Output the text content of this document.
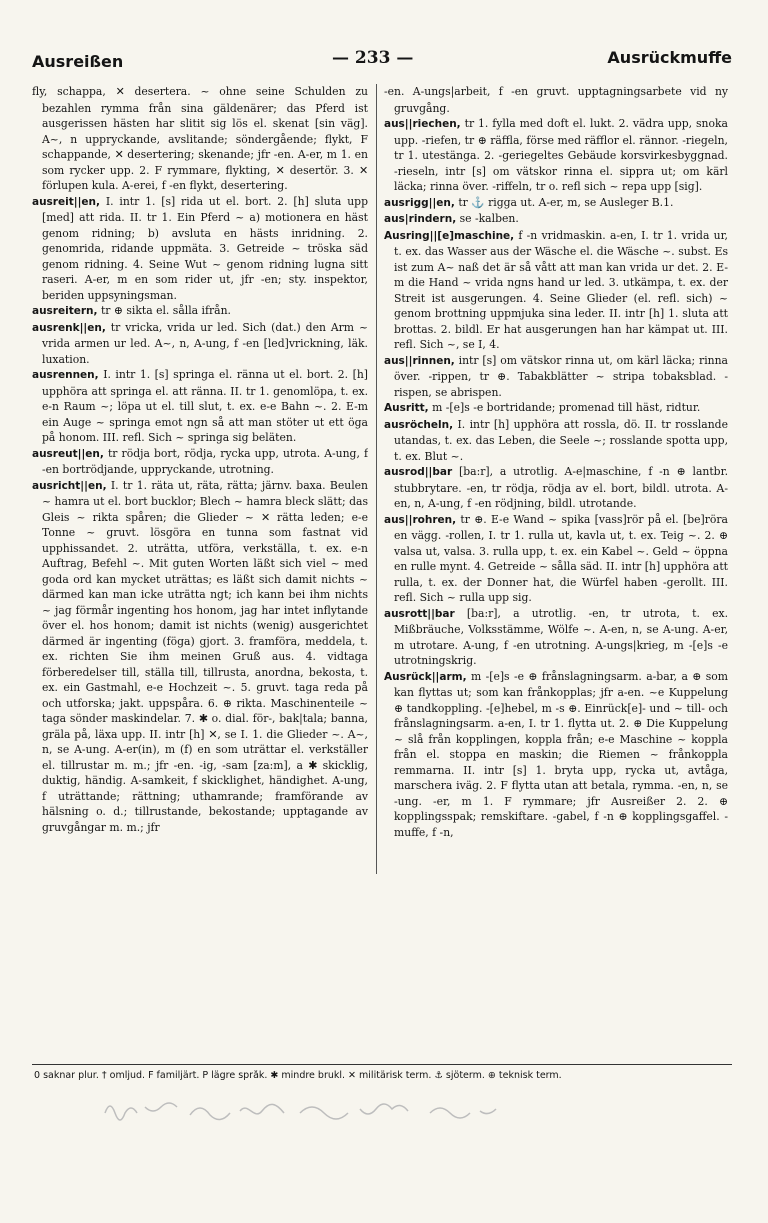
Ausreißen	— 233 —	Ausrückmuffe

fly, schappa, ✕ desertera. ~ ohne seine Schulden zu bezahlen rymma från sina gäldenärer; das Pferd ist ausgerissen hästen har slitit sig lös el. skenat [sin väg]. A~, n uppryckande, avslitande; söndergående; flykt, F schappande, ✕ desertering; skenande; jfr -en. A-er, m 1. en som rycker upp. 2. F rymmare, flykting, ✕ desertör. 3. ✕ förlupen kula. A-erei, f -en flykt, desertering.

ausreit||en, I. intr 1. [s] rida ut el. bort. 2. [h] sluta upp [med] att rida. II. tr 1. Ein Pferd ~ a) motionera en häst genom ridning; b) avsluta en hästs inridning. 2. genomrida, ridande uppmäta. 3. Getreide ~ tröska säd genom ridning. 4. Seine Wut ~ genom ridning lugna sitt raseri. A-er, m en som rider ut, jfr -en; sty. inspektor, beriden uppsyningsman.

ausreitern, tr ⊕ sikta el. sålla ifrån.

ausrenk||en, tr vricka, vrida ur led. Sich (dat.) den Arm ~ vrida armen ur led. A~, n, A-ung, f -en [led]vrickning, läk. luxation.

ausrennen, I. intr 1. [s] springa el. ränna ut el. bort. 2. [h] upphöra att springa el. att ränna. II. tr 1. genomlöpa, t. ex. e-n Raum ~; löpa ut el. till slut, t. ex. e-e Bahn ~. 2. E-m ein Auge ~ springa emot ngn så att man stöter ut ett öga på honom. III. refl. Sich ~ springa sig beläten.

ausreut||en, tr rödja bort, rödja, rycka upp, utrota. A-ung, f -en bortrödjande, uppryckande, utrotning.

ausricht||en, I. tr 1. räta ut, räta, rätta; järnv. baxa. Beulen ~ hamra ut el. bort bucklor; Blech ~ hamra bleck slätt; das Gleis ~ rikta spåren; die Glieder ~ ✕ rätta leden; e-e Tonne ~ gruvt. lösgöra en tunna som fastnat vid upphissandet. 2. uträtta, utföra, verkställa, t. ex. e-n Auftrag, Befehl ~. Mit guten Worten läßt sich viel ~ med goda ord kan mycket uträttas; es läßt sich damit nichts ~ därmed kan man icke uträtta ngt; ich kann bei ihm nichts ~ jag förmår ingenting hos honom, jag har intet inflytande över el. hos honom; damit ist nichts (wenig) ausgerichtet därmed är ingenting (föga) gjort. 3. framföra, meddela, t. ex. richten Sie ihm meinen Gruß aus. 4. vidtaga förberedelser till, ställa till, tillrusta, anordna, bekosta, t. ex. ein Gastmahl, e-e Hochzeit ~. 5. gruvt. taga reda på och utforska; jakt. uppspåra. 6. ⊕ rikta. Maschinenteile ~ taga sönder maskindelar. 7. ✱ o. dial. för-, bak|tala; banna, gräla på, läxa upp. II. intr [h] ✕, se I. 1. die Glieder ~. A~, n, se A-ung. A-er(in), m (f) en som uträttar el. verkställer el. tillrustar m. m.; jfr -en. -ig, -sam [za:m], a ✱ skicklig, duktig, händig. A-samkeit, f skicklighet, händighet. A-ung, f uträttande; rättning; uthamrande; framförande av hälsning o. d.; tillrustande, bekostande; upptagande av gruvgångar m. m.; jfr

-en. A-ungs|arbeit, f -en gruvt. upptagningsarbete vid ny gruvgång.

aus||riechen, tr 1. fylla med doft el. lukt. 2. vädra upp, snoka upp. -riefen, tr ⊕ räffla, förse med räfflor el. rännor. -riegeln, tr 1. utestänga. 2. -geriegeltes Gebäude korsvirkesbyggnad. -rieseln, intr [s] om vätskor rinna el. sippra ut; om kärl läcka; rinna över. -riffeln, tr o. refl sich ~ repa upp [sig].

ausrigg||en, tr ⚓ rigga ut. A-er, m, se Ausleger B.1.

aus|rindern, se -kalben.

Ausring||[e]maschine, f -n vridmaskin. a-en, I. tr 1. vrida ur, t. ex. das Wasser aus der Wäsche el. die Wäsche ~. subst. Es ist zum A~ naß det är så vått att man kan vrida ur det. 2. E-m die Hand ~ vrida ngns hand ur led. 3. utkämpa, t. ex. der Streit ist ausgerungen. 4. Seine Glieder (el. refl. sich) ~ genom brottning uppmjuka sina leder. II. intr [h] 1. sluta att brottas. 2. bildl. Er hat ausgerungen han har kämpat ut. III. refl. Sich ~, se I, 4.

aus||rinnen, intr [s] om vätskor rinna ut, om kärl läcka; rinna över. -rippen, tr ⊕. Tabakblätter ~ stripa tobaksblad. -rispen, se abrispen.

Ausritt, m -[e]s -e bortridande; promenad till häst, ridtur.

ausröcheln, I. intr [h] upphöra att rossla, dö. II. tr rosslande utandas, t. ex. das Leben, die Seele ~; rosslande spotta upp, t. ex. Blut ~.

ausrod||bar [ba:r], a utrotlig. A-e|maschine, f -n ⊕ lantbr. stubbrytare. -en, tr rödja, rödja av el. bort, bildl. utrota. A-en, n, A-ung, f -en rödjning, bildl. utrotande.

aus||rohren, tr ⊕. E-e Wand ~ spika [vass]rör på el. [be]röra en vägg. -rollen, I. tr 1. rulla ut, kavla ut, t. ex. Teig ~. 2. ⊕ valsa ut, valsa. 3. rulla upp, t. ex. ein Kabel ~. Geld ~ öppna en rulle mynt. 4. Getreide ~ sålla säd. II. intr [h] upphöra att rulla, t. ex. der Donner hat, die Würfel haben -gerollt. III. refl. Sich ~ rulla upp sig.

ausrott||bar [ba:r], a utrotlig. -en, tr utrota, t. ex. Mißbräuche, Volksstämme, Wölfe ~. A-en, n, se A-ung. A-er, m utrotare. A-ung, f -en utrotning. A-ungs|krieg, m -[e]s -e utrotningskrig.

Ausrück||arm, m -[e]s -e ⊕ frånslagningsarm. a-bar, a ⊕ som kan flyttas ut; som kan frånkopplas; jfr a-en. ~e Kuppelung ⊕ tandkoppling. -[e]hebel, m -s ⊕. Einrück[e]- und ~ till- och frånslagningsarm. a-en, I. tr 1. flytta ut. 2. ⊕ Die Kuppelung ~ slå från kopplingen, koppla från; e-e Maschine ~ koppla från el. stoppa en maskin; die Riemen ~ frånkoppla remmarna. II. intr [s] 1. bryta upp, rycka ut, avtåga, marschera iväg. 2. F flytta utan att betala, rymma. -en, n, se -ung. -er, m 1. F rymmare; jfr Ausreißer 2. 2. ⊕ kopplingsspak; remskiftare. -gabel, f -n ⊕ kopplingsgaffel. -muffe, f -n,

0 saknar plur. † omljud. F familjärt. P lägre språk. ✱ mindre brukl. ✕ militärisk term. ⚓ sjöterm. ⊕ teknisk term.
